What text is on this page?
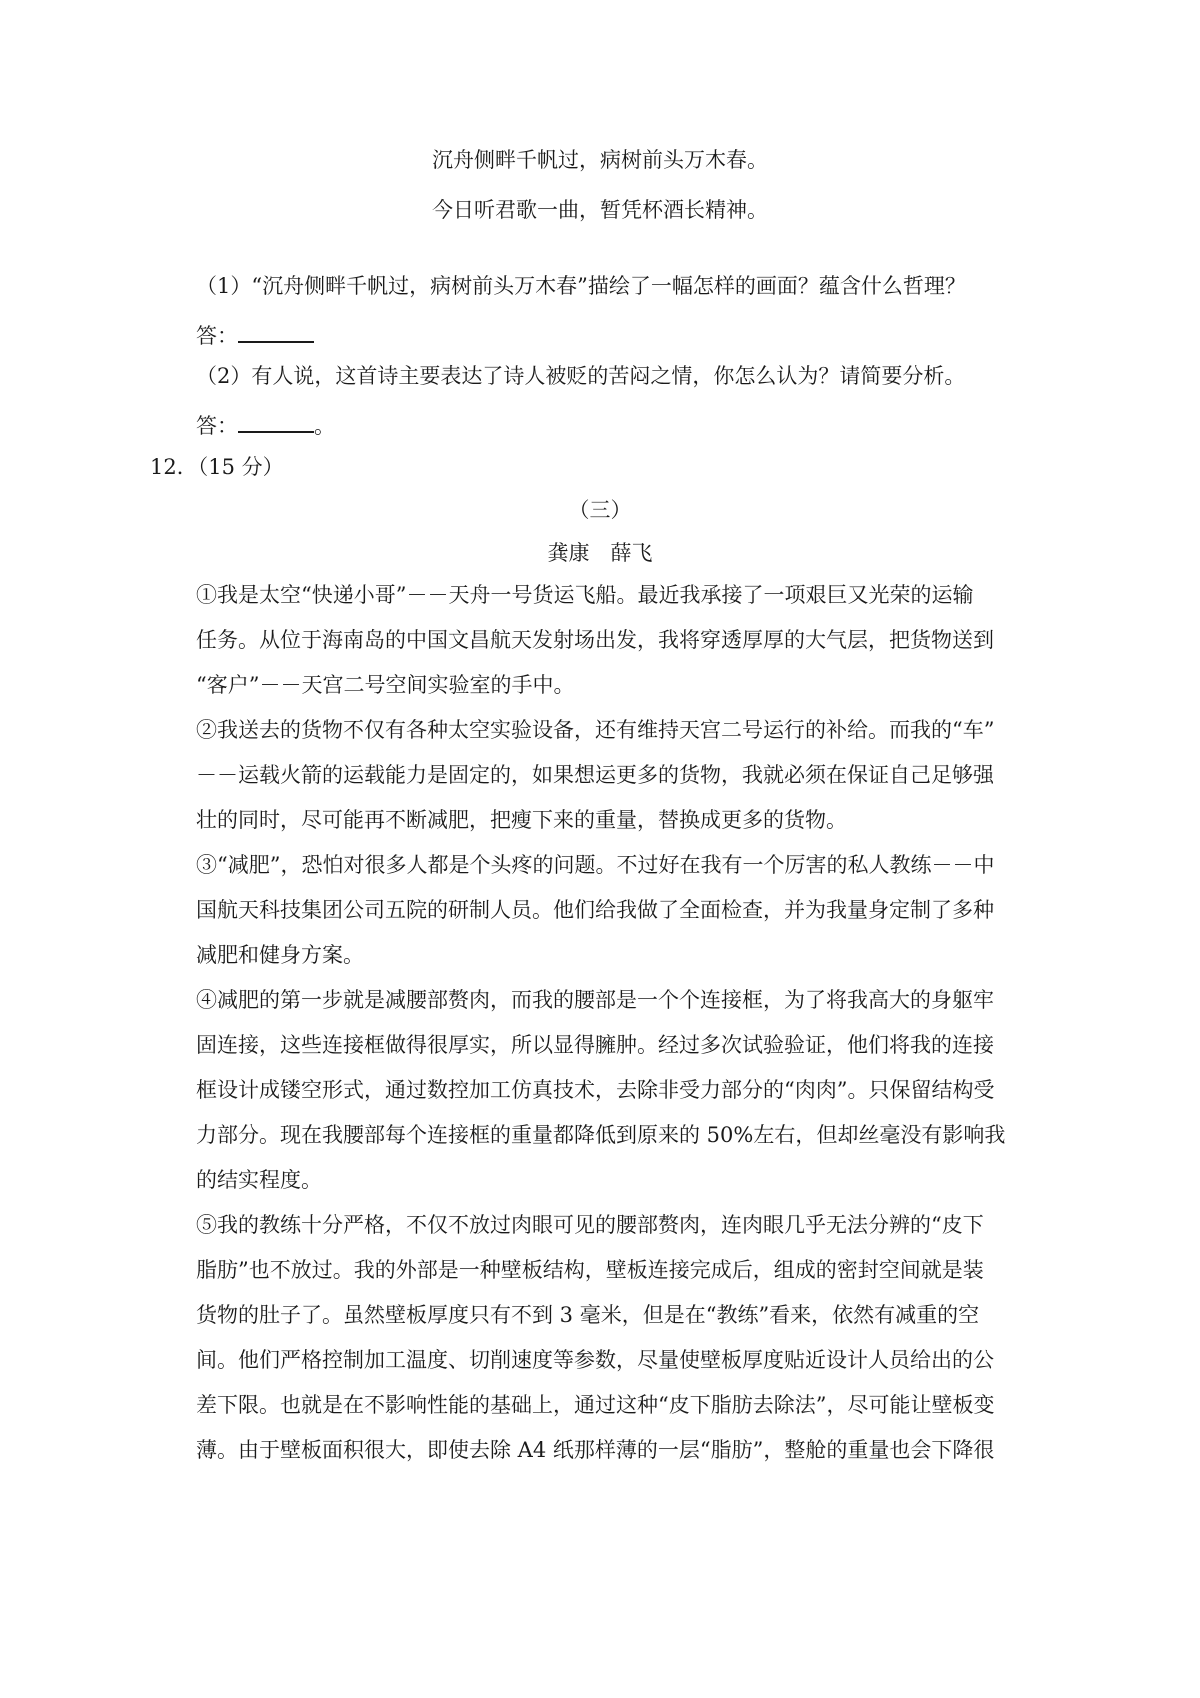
沉舟侧畔千帆过，病树前头万木春。
今日听君歌一曲，暂凭杯酒长精神。
（1）“沉舟侧畔千帆过，病树前头万木春”描绘了一幅怎样的画面？蕴含什么哲理？
答：
（2）有人说，这首诗主要表达了诗人被贬的苦闷之情，你怎么认为？请简要分析。
答：	。
12．（15 分）
（三）
龚康　薛飞
①我是太空“快递小哥”－－天舟一号货运飞船。最近我承接了一项艰巨又光荣的运输
任务。从位于海南岛的中国文昌航天发射场出发，我将穿透厚厚的大气层，把货物送到
“客户”－－天宫二号空间实验室的手中。
②我送去的货物不仅有各种太空实验设备，还有维持天宫二号运行的补给。而我的“车”
－－运载火箭的运载能力是固定的，如果想运更多的货物，我就必须在保证自己足够强
壮的同时，尽可能再不断减肥，把瘦下来的重量，替换成更多的货物。
③“减肥”，恐怕对很多人都是个头疼的问题。不过好在我有一个厉害的私人教练－－中
国航天科技集团公司五院的研制人员。他们给我做了全面检查，并为我量身定制了多种
减肥和健身方案。
④减肥的第一步就是减腰部赘肉，而我的腰部是一个个连接框，为了将我高大的身躯牢
固连接，这些连接框做得很厚实，所以显得臃肿。经过多次试验验证，他们将我的连接
框设计成镂空形式，通过数控加工仿真技术，去除非受力部分的“肉肉”。只保留结构受
力部分。现在我腰部每个连接框的重量都降低到原来的 50%左右，但却丝毫没有影响我
的结实程度。
⑤我的教练十分严格，不仅不放过肉眼可见的腰部赘肉，连肉眼几乎无法分辨的“皮下
脂肪”也不放过。我的外部是一种壁板结构，壁板连接完成后，组成的密封空间就是装
货物的肚子了。虽然壁板厚度只有不到 3 毫米，但是在“教练”看来，依然有减重的空
间。他们严格控制加工温度、切削速度等参数，尽量使壁板厚度贴近设计人员给出的公
差下限。也就是在不影响性能的基础上，通过这种“皮下脂肪去除法”，尽可能让壁板变
薄。由于壁板面积很大，即使去除 A4 纸那样薄的一层“脂肪”，整舱的重量也会下降很
